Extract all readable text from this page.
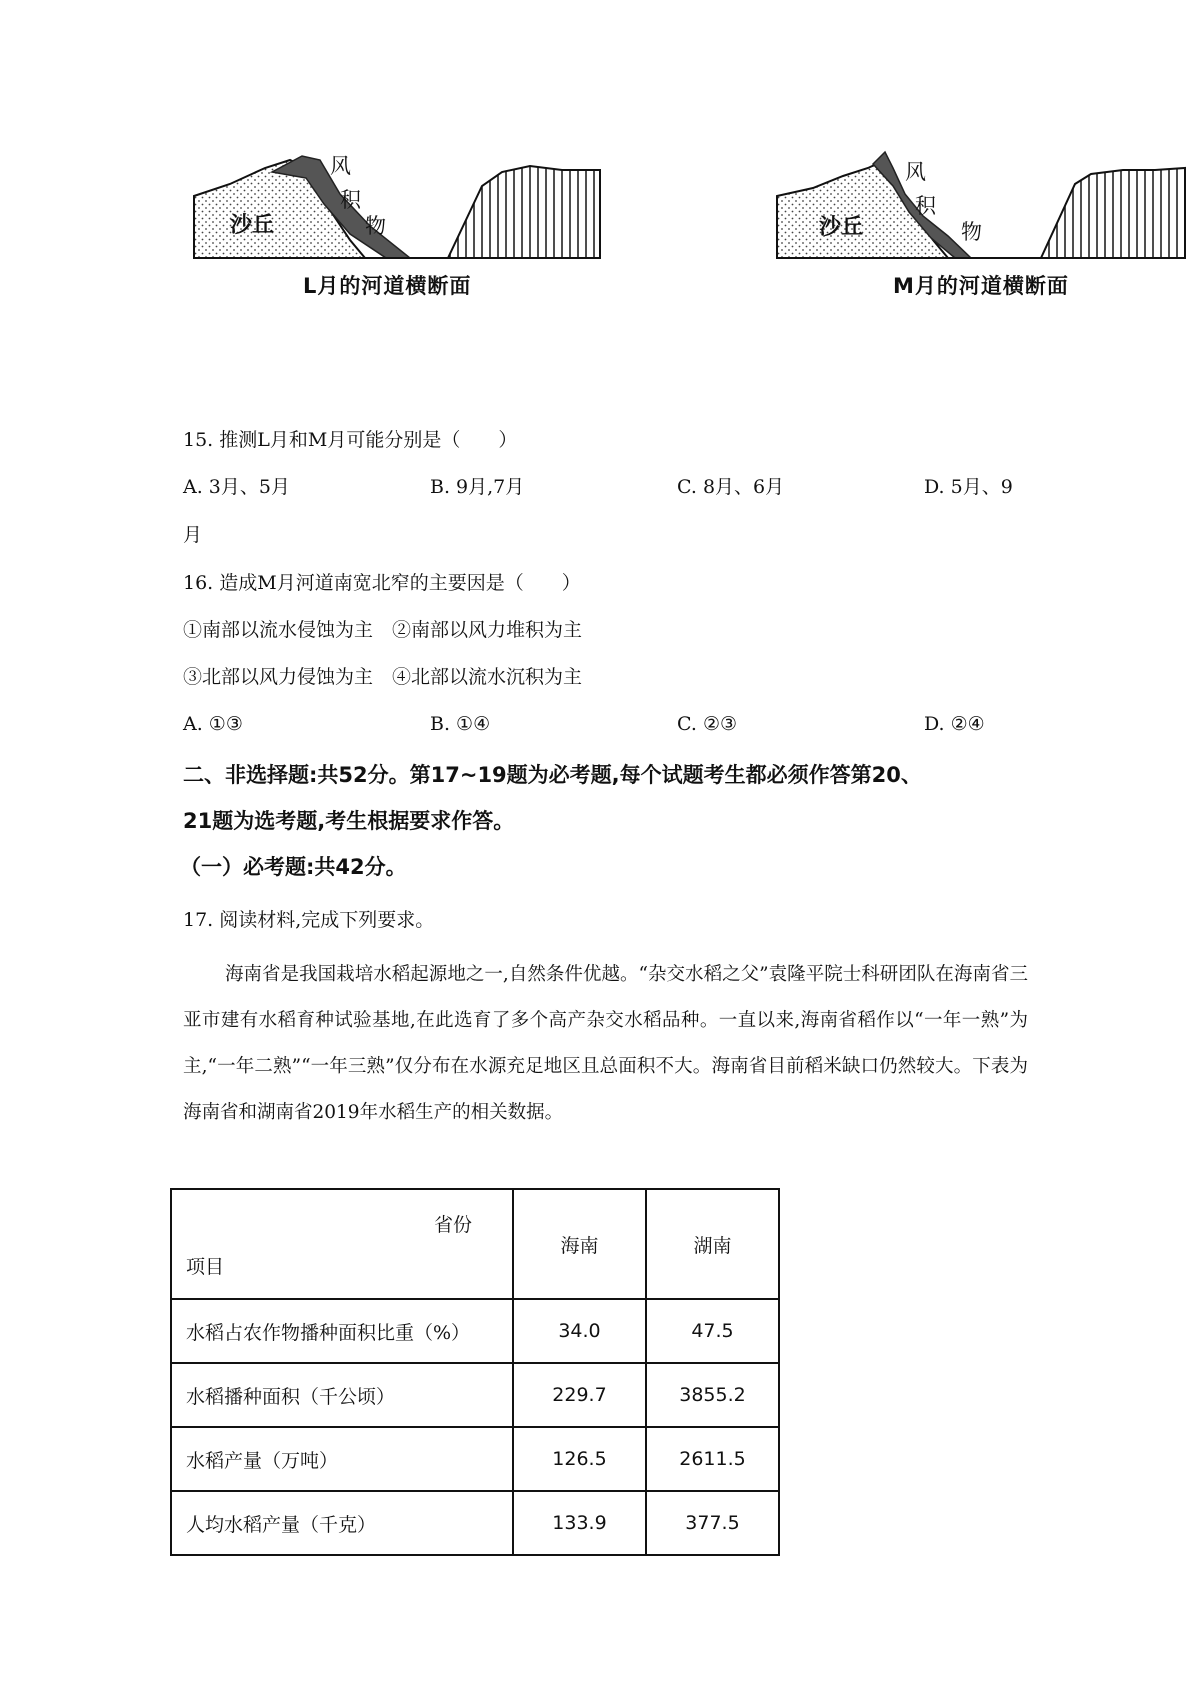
沙丘
风
积
物
L月的河道横断面
沙丘
风
积
物
M月的河道横断面
15. 推测L月和M月可能分别是（　　）
A. 3月、5月	B. 9月,7月	C. 8月、6月	D. 5月、9
月
16. 造成M月河道南宽北窄的主要因是（　　）
①南部以流水侵蚀为主　②南部以风力堆积为主
③北部以风力侵蚀为主　④北部以流水沉积为主
A. ①③	B. ①④	C. ②③	D. ②④
二、非选择题:共52分。第17~19题为必考题,每个试题考生都必须作答第20、
21题为选考题,考生根据要求作答。
（一）必考题:共42分。
17. 阅读材料,完成下列要求。
海南省是我国栽培水稻起源地之一,自然条件优越。“杂交水稻之父”袁隆平院士科研团队在海南省三亚市建有水稻育种试验基地,在此选育了多个高产杂交水稻品种。一直以来,海南省稻作以“一年一熟”为主,“一年二熟”“一年三熟”仅分布在水源充足地区且总面积不大。海南省目前稻米缺口仍然较大。下表为海南省和湖南省2019年水稻生产的相关数据。
省份
项目	海南	湖南
水稻占农作物播种面积比重（%）	34.0	47.5
水稻播种面积（千公顷）	229.7	3855.2
水稻产量（万吨）	126.5	2611.5
人均水稻产量（千克）	133.9	377.5
